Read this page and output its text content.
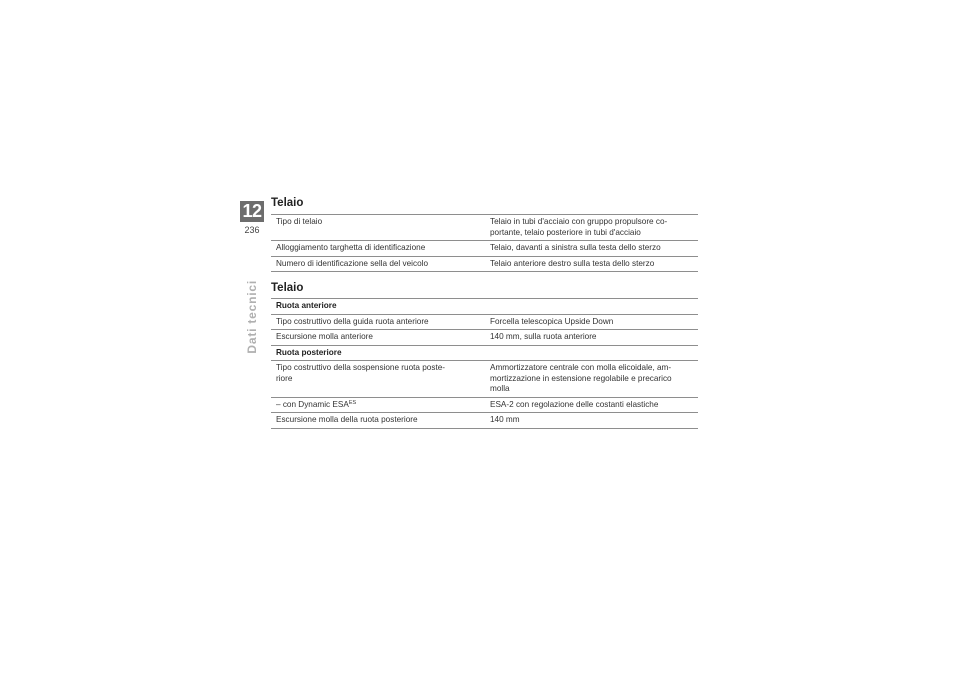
12
236
Dati tecnici
Telaio
Tipo di telaio	Telaio in tubi d'acciaio con gruppo propulsore co-
portante, telaio posteriore in tubi d'acciaio
Alloggiamento targhetta di identificazione	Telaio, davanti a sinistra sulla testa dello sterzo
Numero di identificazione sella del veicolo	Telaio anteriore destro sulla testa dello sterzo
Telaio
Ruota anteriore	
Tipo costruttivo della guida ruota anteriore	Forcella telescopica Upside Down
Escursione molla anteriore	140 mm, sulla ruota anteriore
Ruota posteriore	
Tipo costruttivo della sospensione ruota poste-
riore	Ammortizzatore centrale con molla elicoidale, am-
mortizzazione in estensione regolabile e precarico
molla
– con Dynamic $ESA^{ES}$	ESA-2 con regolazione delle costanti elastiche
Escursione molla della ruota posteriore	140 mm
